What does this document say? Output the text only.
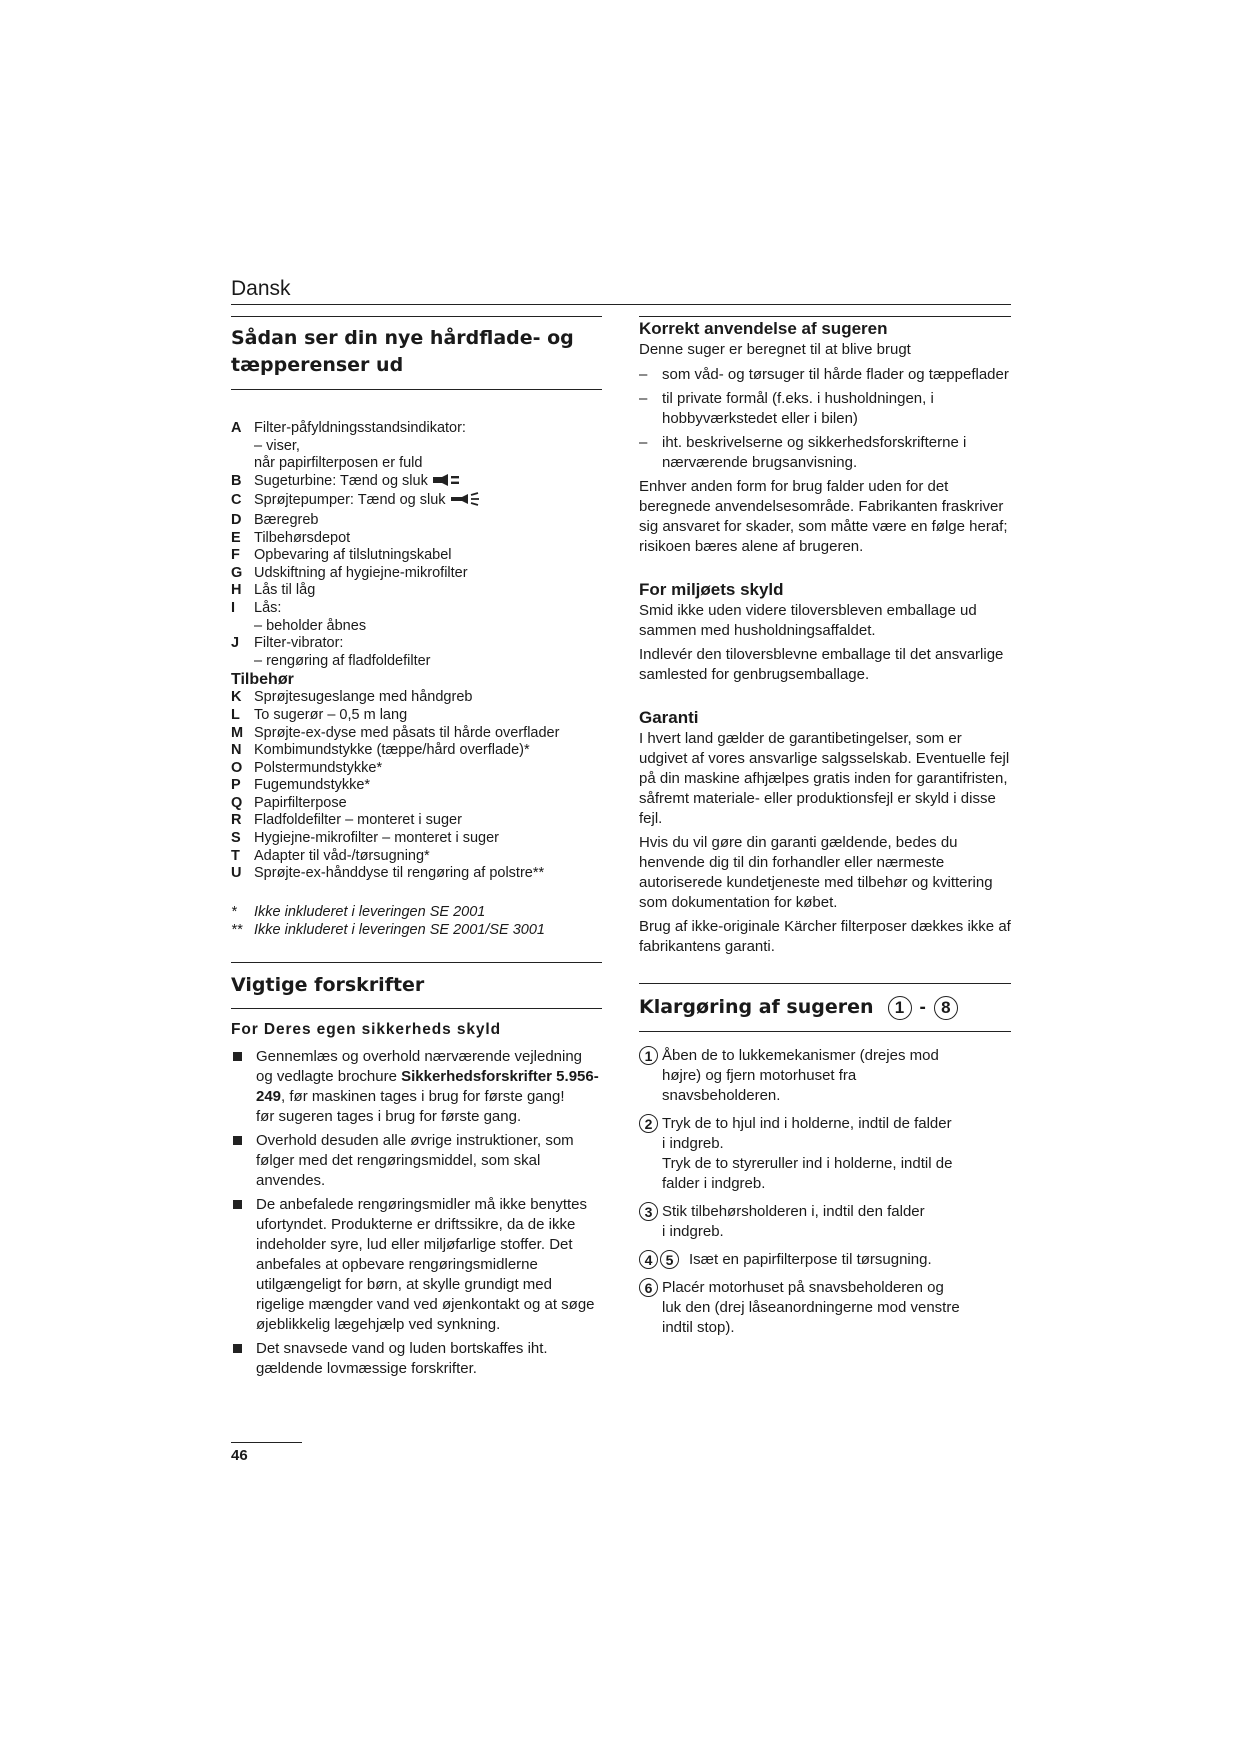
Dansk
Sådan ser din nye hårdflade- og
tæpperenser ud
A Filter-påfyldningsstandsindikator:
– viser,
når papirfilterposen er fuld
B Sugeturbine: Tænd og sluk
C Sprøjtepumper: Tænd og sluk
D Bæregreb
E Tilbehørsdepot
F Opbevaring af tilslutningskabel
G Udskiftning af hygiejne-mikrofilter
H Lås til låg
I	Lås:
– beholder åbnes
J	Filter-vibrator:
– rengøring af fladfoldefilter
Tilbehør
K Sprøjtesugeslange med håndgreb
L To sugerør – 0,5 m lang
M Sprøjte-ex-dyse med påsats til hårde overflader
N Kombimundstykke (tæppe/hård overflade)*
O Polstermundstykke*
P Fugemundstykke*
Q Papirfilterpose
R Fladfoldefilter – monteret i suger
S Hygiejne-mikrofilter – monteret i suger
T Adapter til våd-/tørsugning*
U Sprøjte-ex-hånddyse til rengøring af polstre**
*	Ikke inkluderet i leveringen SE 2001
** Ikke inkluderet i leveringen SE 2001/SE 3001
Vigtige forskrifter
For Deres egen sikkerheds skyld
Gennemlæs og overhold nærværende vejledning og vedlagte brochure Sikkerhedsforskrifter 5.956-249, før maskinen tages i brug for første gang!
før sugeren tages i brug for første gang.
Overhold desuden alle øvrige instruktioner, som følger med det rengøringsmiddel, som skal anvendes.
De anbefalede rengøringsmidler må ikke benyttes ufortyndet. Produkterne er driftssikre, da de ikke indeholder syre, lud eller miljøfarlige stoffer. Det anbefales at opbevare rengøringsmidlerne utilgængeligt for børn, at skylle grundigt med rigelige mængder vand ved øjenkontakt og at søge øjeblikkelig lægehjælp ved synkning.
Det snavsede vand og luden bortskaffes iht. gældende lovmæssige forskrifter.
Korrekt anvendelse af sugeren

Denne suger er beregnet til at blive brugt

– som våd- og tørsuger til hårde flader og tæppeflader
– til private formål (f.eks. i husholdningen, i hobbyværkstedet eller i bilen)
– iht. beskrivelserne og sikkerhedsforskrifterne i nærværende brugsanvisning.

Enhver anden form for brug falder uden for det beregnede anvendelsesområde. Fabrikanten fraskriver sig ansvaret for skader, som måtte være en følge heraf; risikoen bæres alene af brugeren.

For miljøets skyld

Smid ikke uden videre tiloversbleven emballage ud sammen med husholdningsaffaldet.

Indlevér den tiloversblevne emballage til det ansvarlige samlested for genbrugsemballage.

Garanti

I hvert land gælder de garantibetingelser, som er udgivet af vores ansvarlige salgsselskab. Eventuelle fejl på din maskine afhjælpes gratis inden for garantifristen, såfremt materiale- eller produktionsfejl er skyld i disse fejl.

Hvis du vil gøre din garanti gældende, bedes du henvende dig til din forhandler eller nærmeste autoriserede kundetjeneste med tilbehør og kvittering som dokumentation for købet.

Brug af ikke-originale Kärcher filterposer dækkes ikke af fabrikantens garanti.

Klargøring af sugeren	1 - 8
1 Åben de to lukkemekanismer (drejes mod
højre) og fjern motorhuset fra
snavsbeholderen.
2 Tryk de to hjul ind i holderne, indtil de falder
i indgreb.
Tryk de to styreruller ind i holderne, indtil de
falder i indgreb.
3 Stik tilbehørsholderen i, indtil den falder
i indgreb.
4 5	Isæt en papirfilterpose til tørsugning.
6 Placér motorhuset på snavsbeholderen og
luk den (drej låseanordningerne mod venstre
indtil stop).
46
